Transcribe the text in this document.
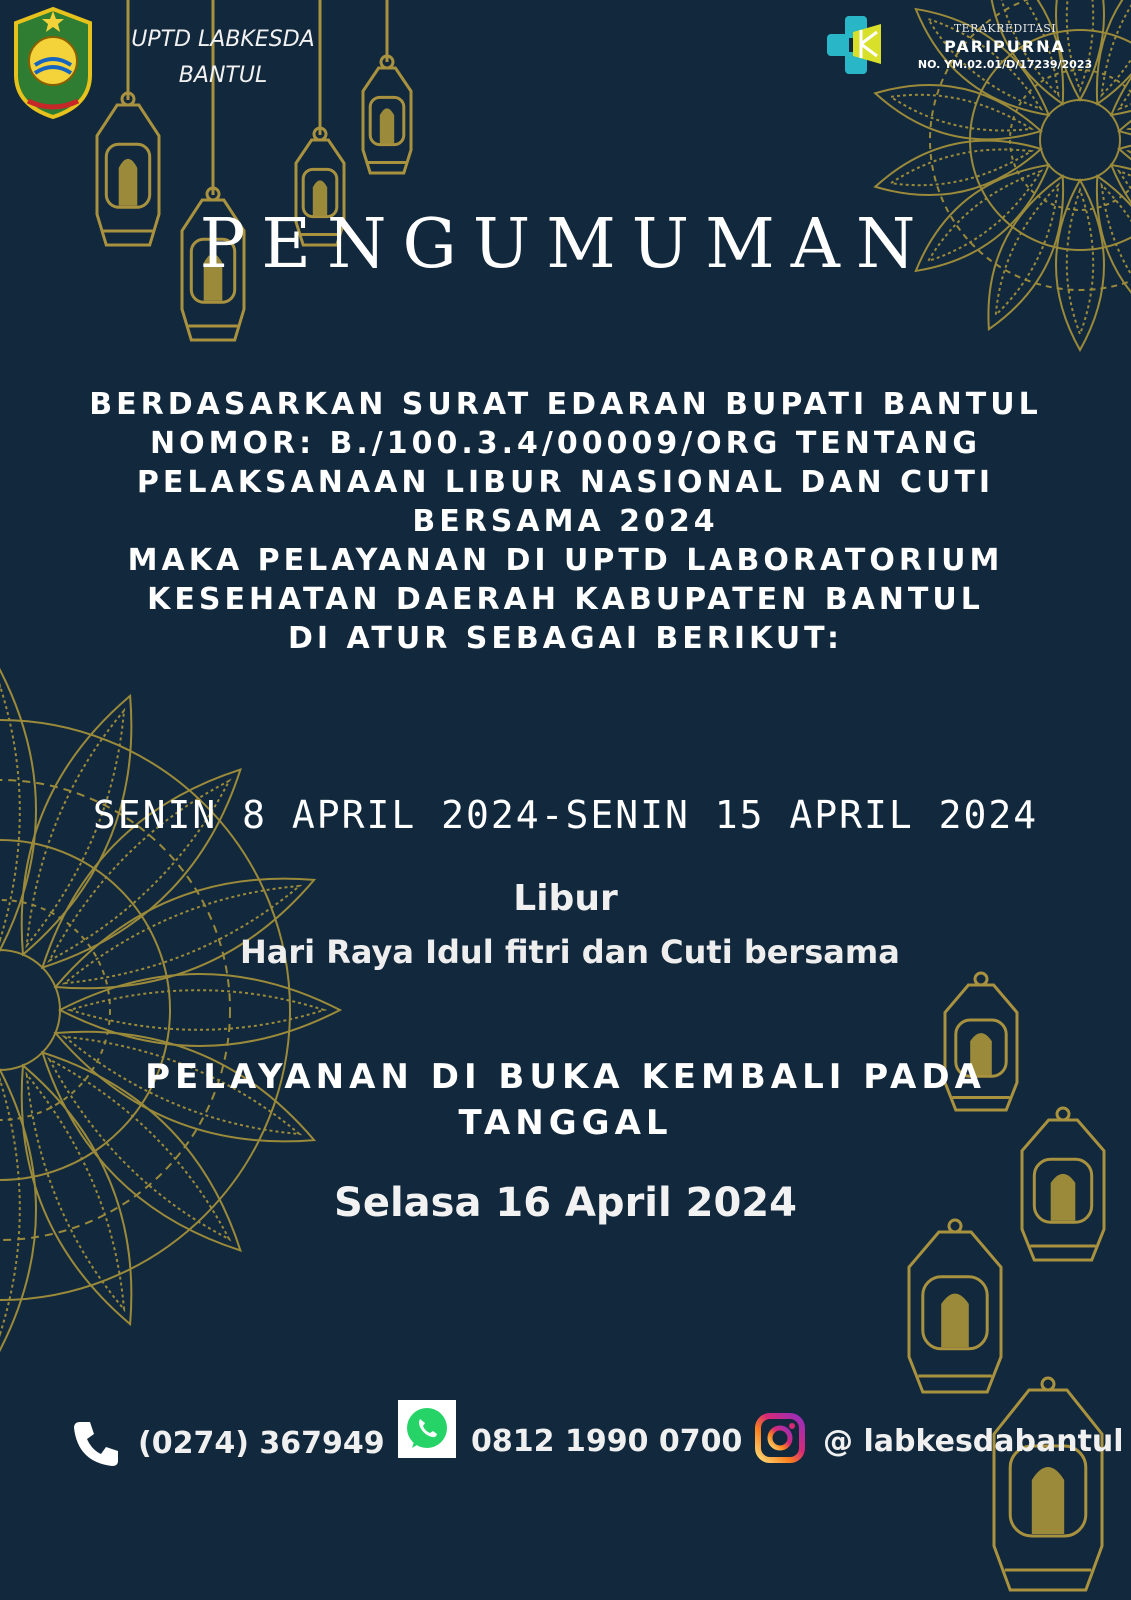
UPTD LABKESDA
BANTUL
TERAKREDITASI
PARIPURNA
NO. YM.02.01/D/17239/2023
PENGUMUMAN
BERDASARKAN SURAT EDARAN BUPATI BANTUL
NOMOR: B./100.3.4/00009/ORG TENTANG
PELAKSANAAN LIBUR NASIONAL DAN CUTI
BERSAMA 2024
MAKA PELAYANAN DI UPTD LABORATORIUM
KESEHATAN DAERAH KABUPATEN BANTUL
DI ATUR SEBAGAI BERIKUT:
SENIN 8 APRIL 2024-SENIN 15 APRIL 2024
Libur
Hari Raya Idul fitri dan Cuti bersama
PELAYANAN DI BUKA KEMBALI PADA
TANGGAL
Selasa 16 April 2024
(0274) 367949	0812 1990 0700	@ labkesdabantul
